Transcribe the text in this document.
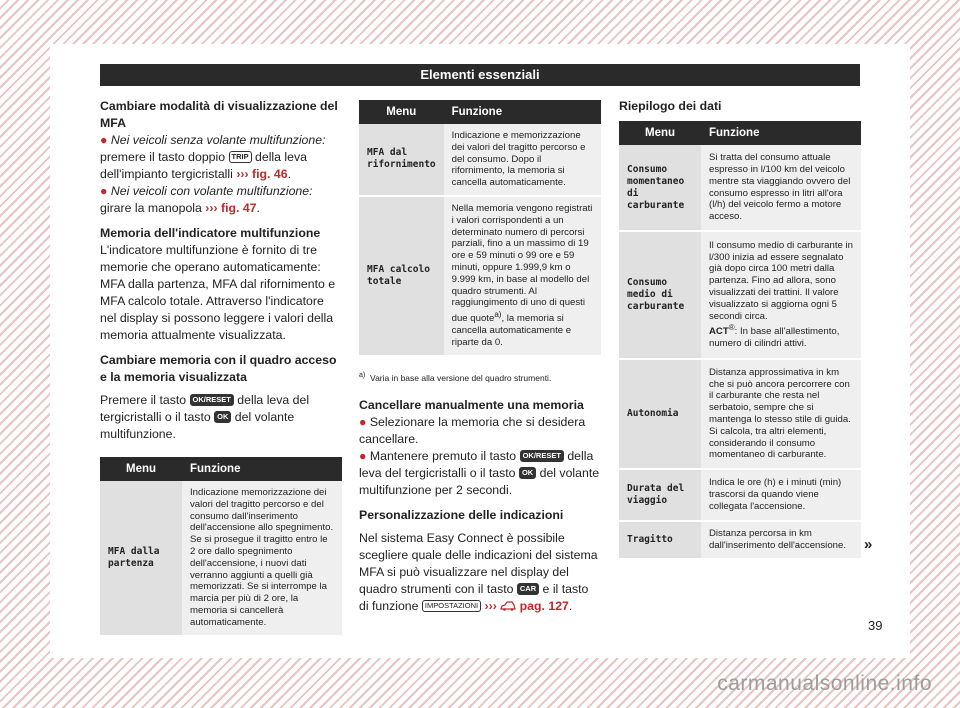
Elementi essenziali
Cambiare modalità di visualizzazione del MFA

● Nei veicoli senza volante multifunzione: premere il tasto doppio TRIP della leva dell'impianto tergicristalli ››› fig. 46.

● Nei veicoli con volante multifunzione: girare la manopola ››› fig. 47.

Memoria dell'indicatore multifunzione

L'indicatore multifunzione è fornito di tre memorie che operano automaticamente: MFA dalla partenza, MFA dal rifornimento e MFA calcolo totale. Attraverso l'indicatore nel display si possono leggere i valori della memoria attualmente visualizzata.

Cambiare memoria con il quadro acceso e la memoria visualizzata

Premere il tasto OK/RESET della leva del tergicristalli o il tasto OK del volante multifunzione.

Menu	Funzione
MFA dalla partenza	Indicazione memorizzazione dei valori del tragitto percorso e del consumo dall'inserimento dell'accensione allo spegnimento. Se si prosegue il tragitto entro le 2 ore dallo spegnimento dell'accensione, i nuovi dati verranno aggiunti a quelli già memorizzati. Se si interrompe la marcia per più di 2 ore, la memoria si cancellerà automaticamente.
Menu	Funzione
MFA dal rifornimento	Indicazione e memorizzazione dei valori del tragitto percorso e del consumo. Dopo il rifornimento, la memoria si cancella automaticamente.
MFA calcolo totale	Nella memoria vengono registrati i valori corrispondenti a un determinato numero di percorsi parziali, fino a un massimo di 19 ore e 59 minuti o 99 ore e 59 minuti, oppure 1.999,9 km o 9.999 km, in base al modello del quadro strumenti. Al raggiungimento di uno di questi due quote$^{a)}$, la memoria si cancella automaticamente e riparte da 0.

$^{a)}$ Varia in base alla versione del quadro strumenti.

Cancellare manualmente una memoria

● Selezionare la memoria che si desidera cancellare.

● Mantenere premuto il tasto OK/RESET della leva del tergicristalli o il tasto OK del volante multifunzione per 2 secondi.

Personalizzazione delle indicazioni

Nel sistema Easy Connect è possibile scegliere quale delle indicazioni del sistema MFA si può visualizzare nel display del quadro strumenti con il tasto CAR e il tasto di funzione IMPOSTAZIONI ››› pag. 127.

Riepilogo dei dati
Menu	Funzione
Consumo momentaneo di carburante	Si tratta del consumo attuale espresso in l/100 km del veicolo mentre sta viaggiando ovvero del consumo espresso in litri all'ora (l/h) del veicolo fermo a motore acceso.
Consumo medio di carburante	Il consumo medio di carburante in l/300 inizia ad essere segnalato già dopo circa 100 metri dalla partenza. Fino ad allora, sono visualizzati dei trattini. Il valore visualizzato si aggiorna ogni 5 secondi circa.
ACT®: In base all'allestimento, numero di cilindri attivi.
Autonomia	Distanza approssimativa in km che si può ancora percorrere con il carburante che resta nel serbatoio, sempre che si mantenga lo stesso stile di guida. Si calcola, tra altri elementi, considerando il consumo momentaneo di carburante.
Durata del viaggio	Indica le ore (h) e i minuti (min) trascorsi da quando viene collegata l'accensione.
Tragitto	Distanza percorsa in km dall'inserimento dell'accensione. »
39
carmanualsonline.info
